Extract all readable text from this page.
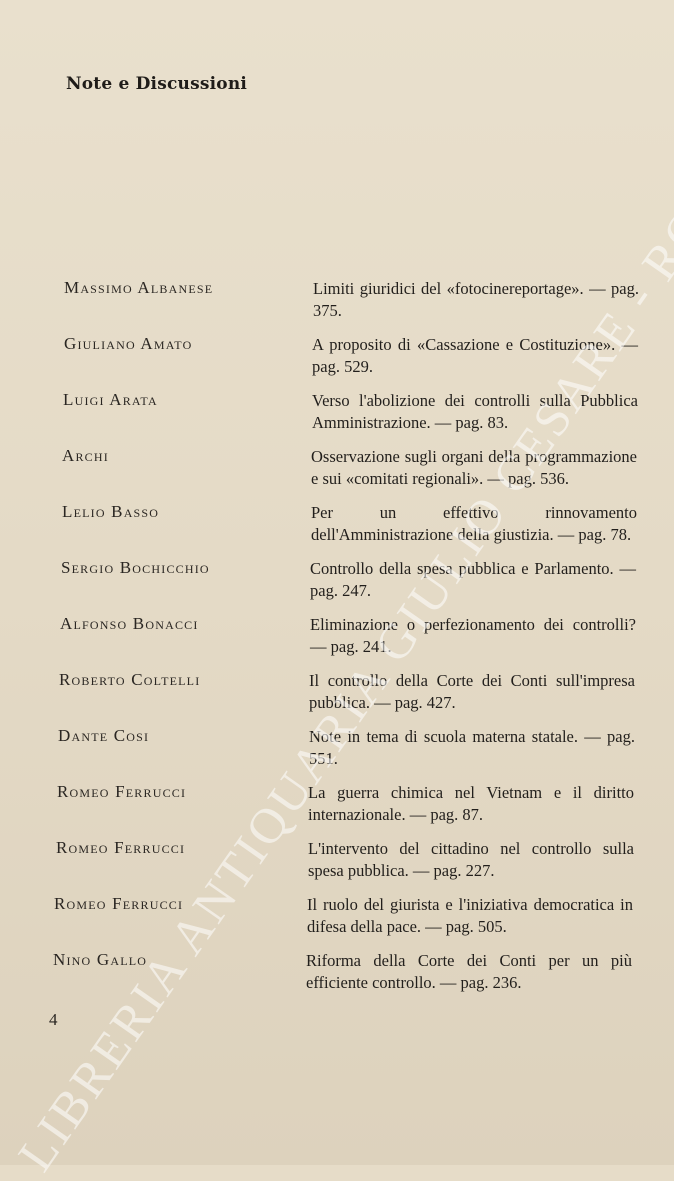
Note e Discussioni
Massimo Albanese	Limiti giuridici del «fotocinereportage». — pag. 375.
Giuliano Amato	A proposito di «Cassazione e Costituzione». — pag. 529.
Luigi Arata	Verso l'abolizione dei controlli sulla Pubblica Amministrazione. — pag. 83.
Archi	Osservazione sugli organi della programmazione e sui «comitati regionali». — pag. 536.
Lelio Basso	Per un effettivo rinnovamento dell'Amministrazione della giustizia. — pag. 78.
Sergio Bochicchio	Controllo della spesa pubblica e Parlamento. — pag. 247.
Alfonso Bonacci	Eliminazione o perfezionamento dei controlli? — pag. 241.
Roberto Coltelli	Il controllo della Corte dei Conti sull'impresa pubblica. — pag. 427.
Dante Cosi	Note in tema di scuola materna statale. — pag. 551.
Romeo Ferrucci	La guerra chimica nel Vietnam e il diritto internazionale. — pag. 87.
Romeo Ferrucci	L'intervento del cittadino nel controllo sulla spesa pubblica. — pag. 227.
Romeo Ferrucci	Il ruolo del giurista e l'iniziativa democratica in difesa della pace. — pag. 505.
Nino Gallo	Riforma della Corte dei Conti per un più efficiente controllo. — pag. 236.
4
